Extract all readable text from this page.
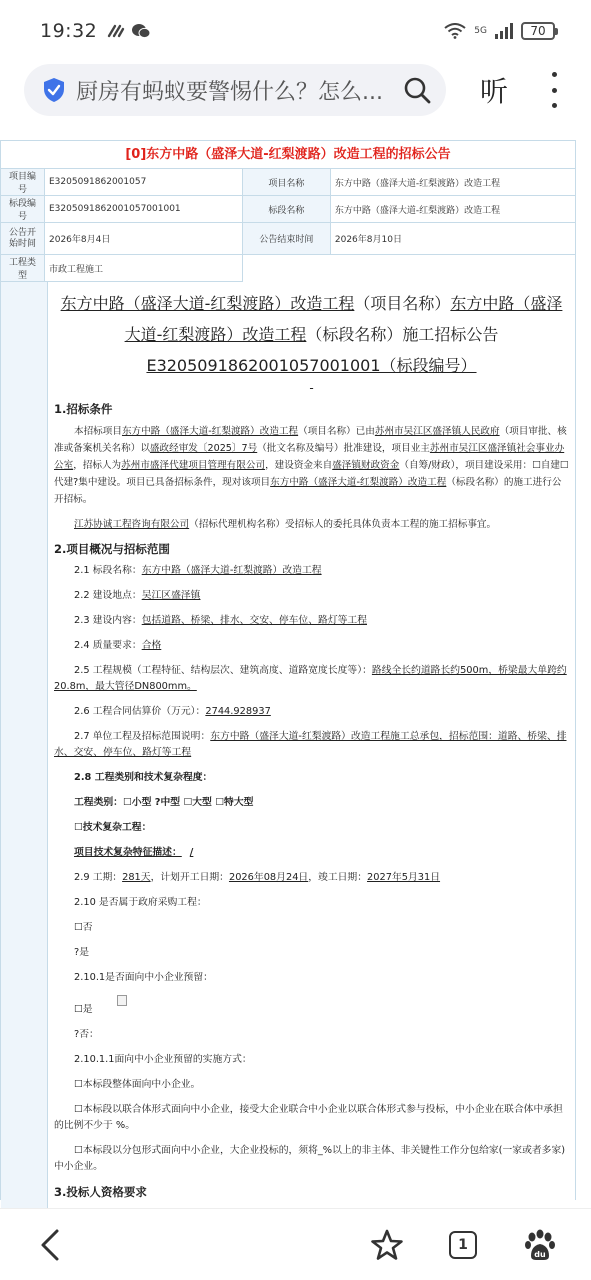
19:32	5G	70
厨房有蚂蚁要警惕什么？怎么...	听
[0]东方中路（盛泽大道-红梨渡路）改造工程的招标公告
项目编号	E3205091862001057	项目名称	东方中路（盛泽大道-红梨渡路）改造工程
标段编号	E3205091862001057001001	标段名称	东方中路（盛泽大道-红梨渡路）改造工程
公告开始时间	2026年8月4日	公告结束时间	2026年8月10日
工程类型	市政工程施工		
东方中路（盛泽大道-红梨渡路）改造工程（项目名称）东方中路（盛泽
大道-红梨渡路）改造工程（标段名称）施工招标公告
E3205091862001057001001（标段编号）
-
1.招标条件
本招标项目东方中路（盛泽大道-红梨渡路）改造工程（项目名称）已由苏州市吴江区盛泽镇人民政府（项目审批、核准或备案机关名称）以盛政经审发〔2025〕7号（批文名称及编号）批准建设，项目业主苏州市吴江区盛泽镇社会事业办公室，招标人为苏州市盛泽代建项目管理有限公司，建设资金来自盛泽镇财政资金（自筹/财政），项目建设采用：☐自建☐代建?集中建设。项目已具备招标条件，现对该项目东方中路（盛泽大道-红梨渡路）改造工程（标段名称）的施工进行公开招标。
江苏协诚工程咨询有限公司（招标代理机构名称）受招标人的委托具体负责本工程的施工招标事宜。
2.项目概况与招标范围
2.1 标段名称：东方中路（盛泽大道-红梨渡路）改造工程
2.2 建设地点：吴江区盛泽镇
2.3 建设内容：包括道路、桥梁、排水、交安、停车位、路灯等工程
2.4 质量要求：合格
2.5 工程规模（工程特征、结构层次、建筑高度、道路宽度长度等）：路线全长约道路长约500m，桥梁最大单跨约20.8m，最大管径DN800mm。
2.6 工程合同估算价（万元）：2744.928937
2.7 单位工程及招标范围说明：东方中路（盛泽大道-红梨渡路）改造工程施工总承包，招标范围：道路、桥梁、排水、交安、停车位、路灯等工程
2.8 工程类别和技术复杂程度：
工程类别：☐小型 ?中型 ☐大型 ☐特大型
☐技术复杂工程：
项目技术复杂特征描述： /
2.9 工期：281天，计划开工日期：2026年08月24日，竣工日期：2027年5月31日
2.10 是否属于政府采购工程：
☐否
?是
2.10.1是否面向中小企业预留：
☐是
?否：
2.10.1.1面向中小企业预留的实施方式：
☐本标段整体面向中小企业。
☐本标段以联合体形式面向中小企业，接受大企业联合中小企业以联合体形式参与投标，中小企业在联合体中承担的比例不少于 %。
☐本标段以分包形式面向中小企业，大企业投标的，须将_%以上的非主体、非关键性工作分包给家(一家或者多家)中小企业。
3.投标人资格要求
1
du
